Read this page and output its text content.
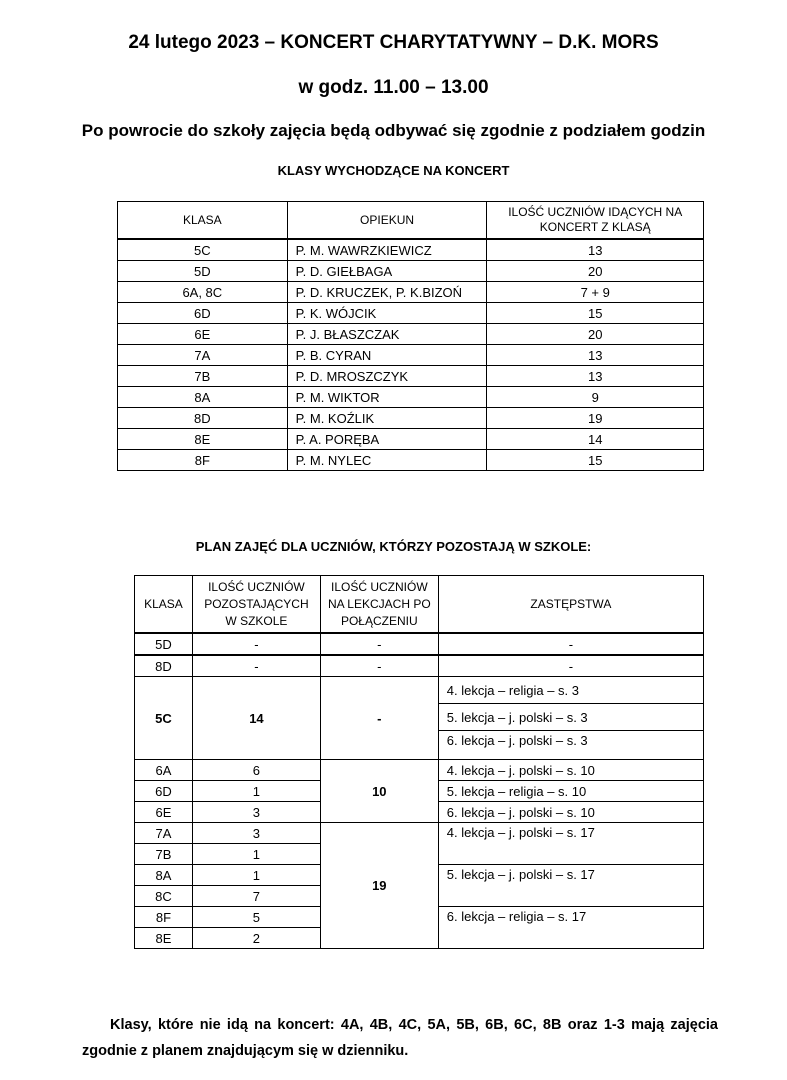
24 lutego 2023 – KONCERT CHARYTATYWNY – D.K. MORS
w godz. 11.00 – 13.00
Po powrocie do szkoły zajęcia będą odbywać się zgodnie z podziałem godzin
KLASY WYCHODZĄCE NA KONCERT
KLASA	OPIEKUN	ILOŚĆ UCZNIÓW IDĄCYCH NA KONCERT Z KLASĄ
5C	P. M. WAWRZKIEWICZ	13
5D	P. D. GIEŁBAGA	20
6A, 8C	P. D. KRUCZEK, P. K.BIZOŃ	7 + 9
6D	P. K. WÓJCIK	15
6E	P. J. BŁASZCZAK	20
7A	P. B. CYRAN	13
7B	P. D. MROSZCZYK	13
8A	P. M. WIKTOR	9
8D	P. M. KOŹLIK	19
8E	P. A. PORĘBA	14
8F	P. M. NYLEC	15
PLAN ZAJĘĆ DLA UCZNIÓW, KTÓRZY POZOSTAJĄ W SZKOLE:
KLASA	ILOŚĆ UCZNIÓW POZOSTAJĄCYCH W SZKOLE	ILOŚĆ UCZNIÓW NA LEKCJACH PO POŁĄCZENIU	ZASTĘPSTWA
5D	-	-	-
8D	-	-	-
5C	14	-	4. lekcja – religia – s. 3
			5. lekcja – j. polski – s. 3
			6. lekcja – j. polski – s. 3
6A	6	10	4. lekcja – j. polski – s. 10
6D	1		5. lekcja – religia – s. 10
6E	3		6. lekcja – j. polski – s. 10
7A	3	19	4. lekcja – j. polski – s. 17
7B	1		
8A	1		5. lekcja – j. polski – s. 17
8C	7		
8F	5		6. lekcja – religia – s. 17
8E	2		
Klasy, które nie idą na koncert: 4A, 4B, 4C, 5A, 5B, 6B, 6C, 8B oraz 1-3 mają zajęcia zgodnie z planem znajdującym się w dzienniku.
